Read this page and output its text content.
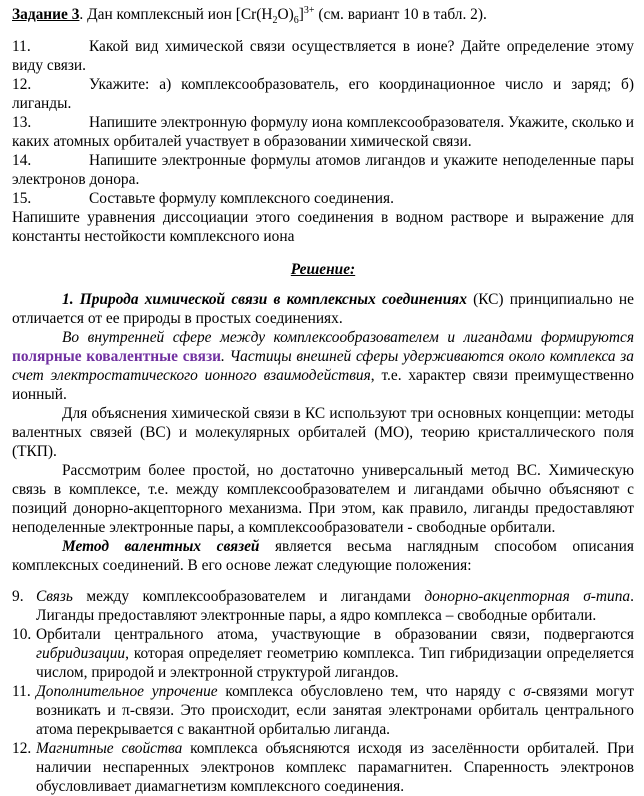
Задание 3. Дан комплексный ион $[Cr(H_2O)_6]^{3+}$ (см. вариант 10 в табл. 2).

11.	Какой вид химической связи осуществляется в ионе? Дайте определение этому виду связи.

12.	Укажите: а) комплексообразователь, его координационное число и заряд; б) лиганды.

13.	Напишите электронную формулу иона комплексообразователя. Укажите, сколько и каких атомных орбиталей участвует в образовании химической связи.

14.	Напишите электронные формулы атомов лигандов и укажите неподеленные пары электронов донора.

15.	Составьте формулу комплексного соединения.

Напишите уравнения диссоциации этого соединения в водном растворе и выражение для константы нестойкости комплексного иона

Решение:

1. Природа химической связи в комплексных соединениях (КС) принципиально не отличается от ее природы в простых соединениях.

Во внутренней сфере между комплексообразователем и лигандами формируются полярные ковалентные связи. Частицы внешней сферы удерживаются около комплекса за счет электростатического ионного взаимодействия, т.е. характер связи преимущественно ионный.

Для объяснения химической связи в КС используют три основных концепции: методы валентных связей (ВС) и молекулярных орбиталей (МО), теорию кристаллического поля (ТКП).

Рассмотрим более простой, но достаточно универсальный метод ВС. Химическую связь в комплексе, т.е. между комплексообразователем и лигандами обычно объясняют с позиций донорно-акцепторного механизма. При этом, как правило, лиганды предоставляют неподеленные электронные пары, а комплексообразователи - свободные орбитали.

Метод валентных связей является весьма наглядным способом описания комплексных соединений. В его основе лежат следующие положения:

9. Связь между комплексообразователем и лигандами донорно-акцепторная σ-типа. Лиганды предоставляют электронные пары, а ядро комплекса – свободные орбитали.
10. Орбитали центрального атома, участвующие в образовании связи, подвергаются гибридизации, которая определяет геометрию комплекса. Тип гибридизации определяется числом, природой и электронной структурой лигандов.
11. Дополнительное упрочение комплекса обусловлено тем, что наряду с σ-связями могут возникать и π-связи. Это происходит, если занятая электронами орбиталь центрального атома перекрывается с вакантной орбиталью лиганда.
12. Магнитные свойства комплекса объясняются исходя из заселённости орбиталей. При наличии неспаренных электронов комплекс парамагнитен. Спаренность электронов обусловливает диамагнетизм комплексного соединения.
